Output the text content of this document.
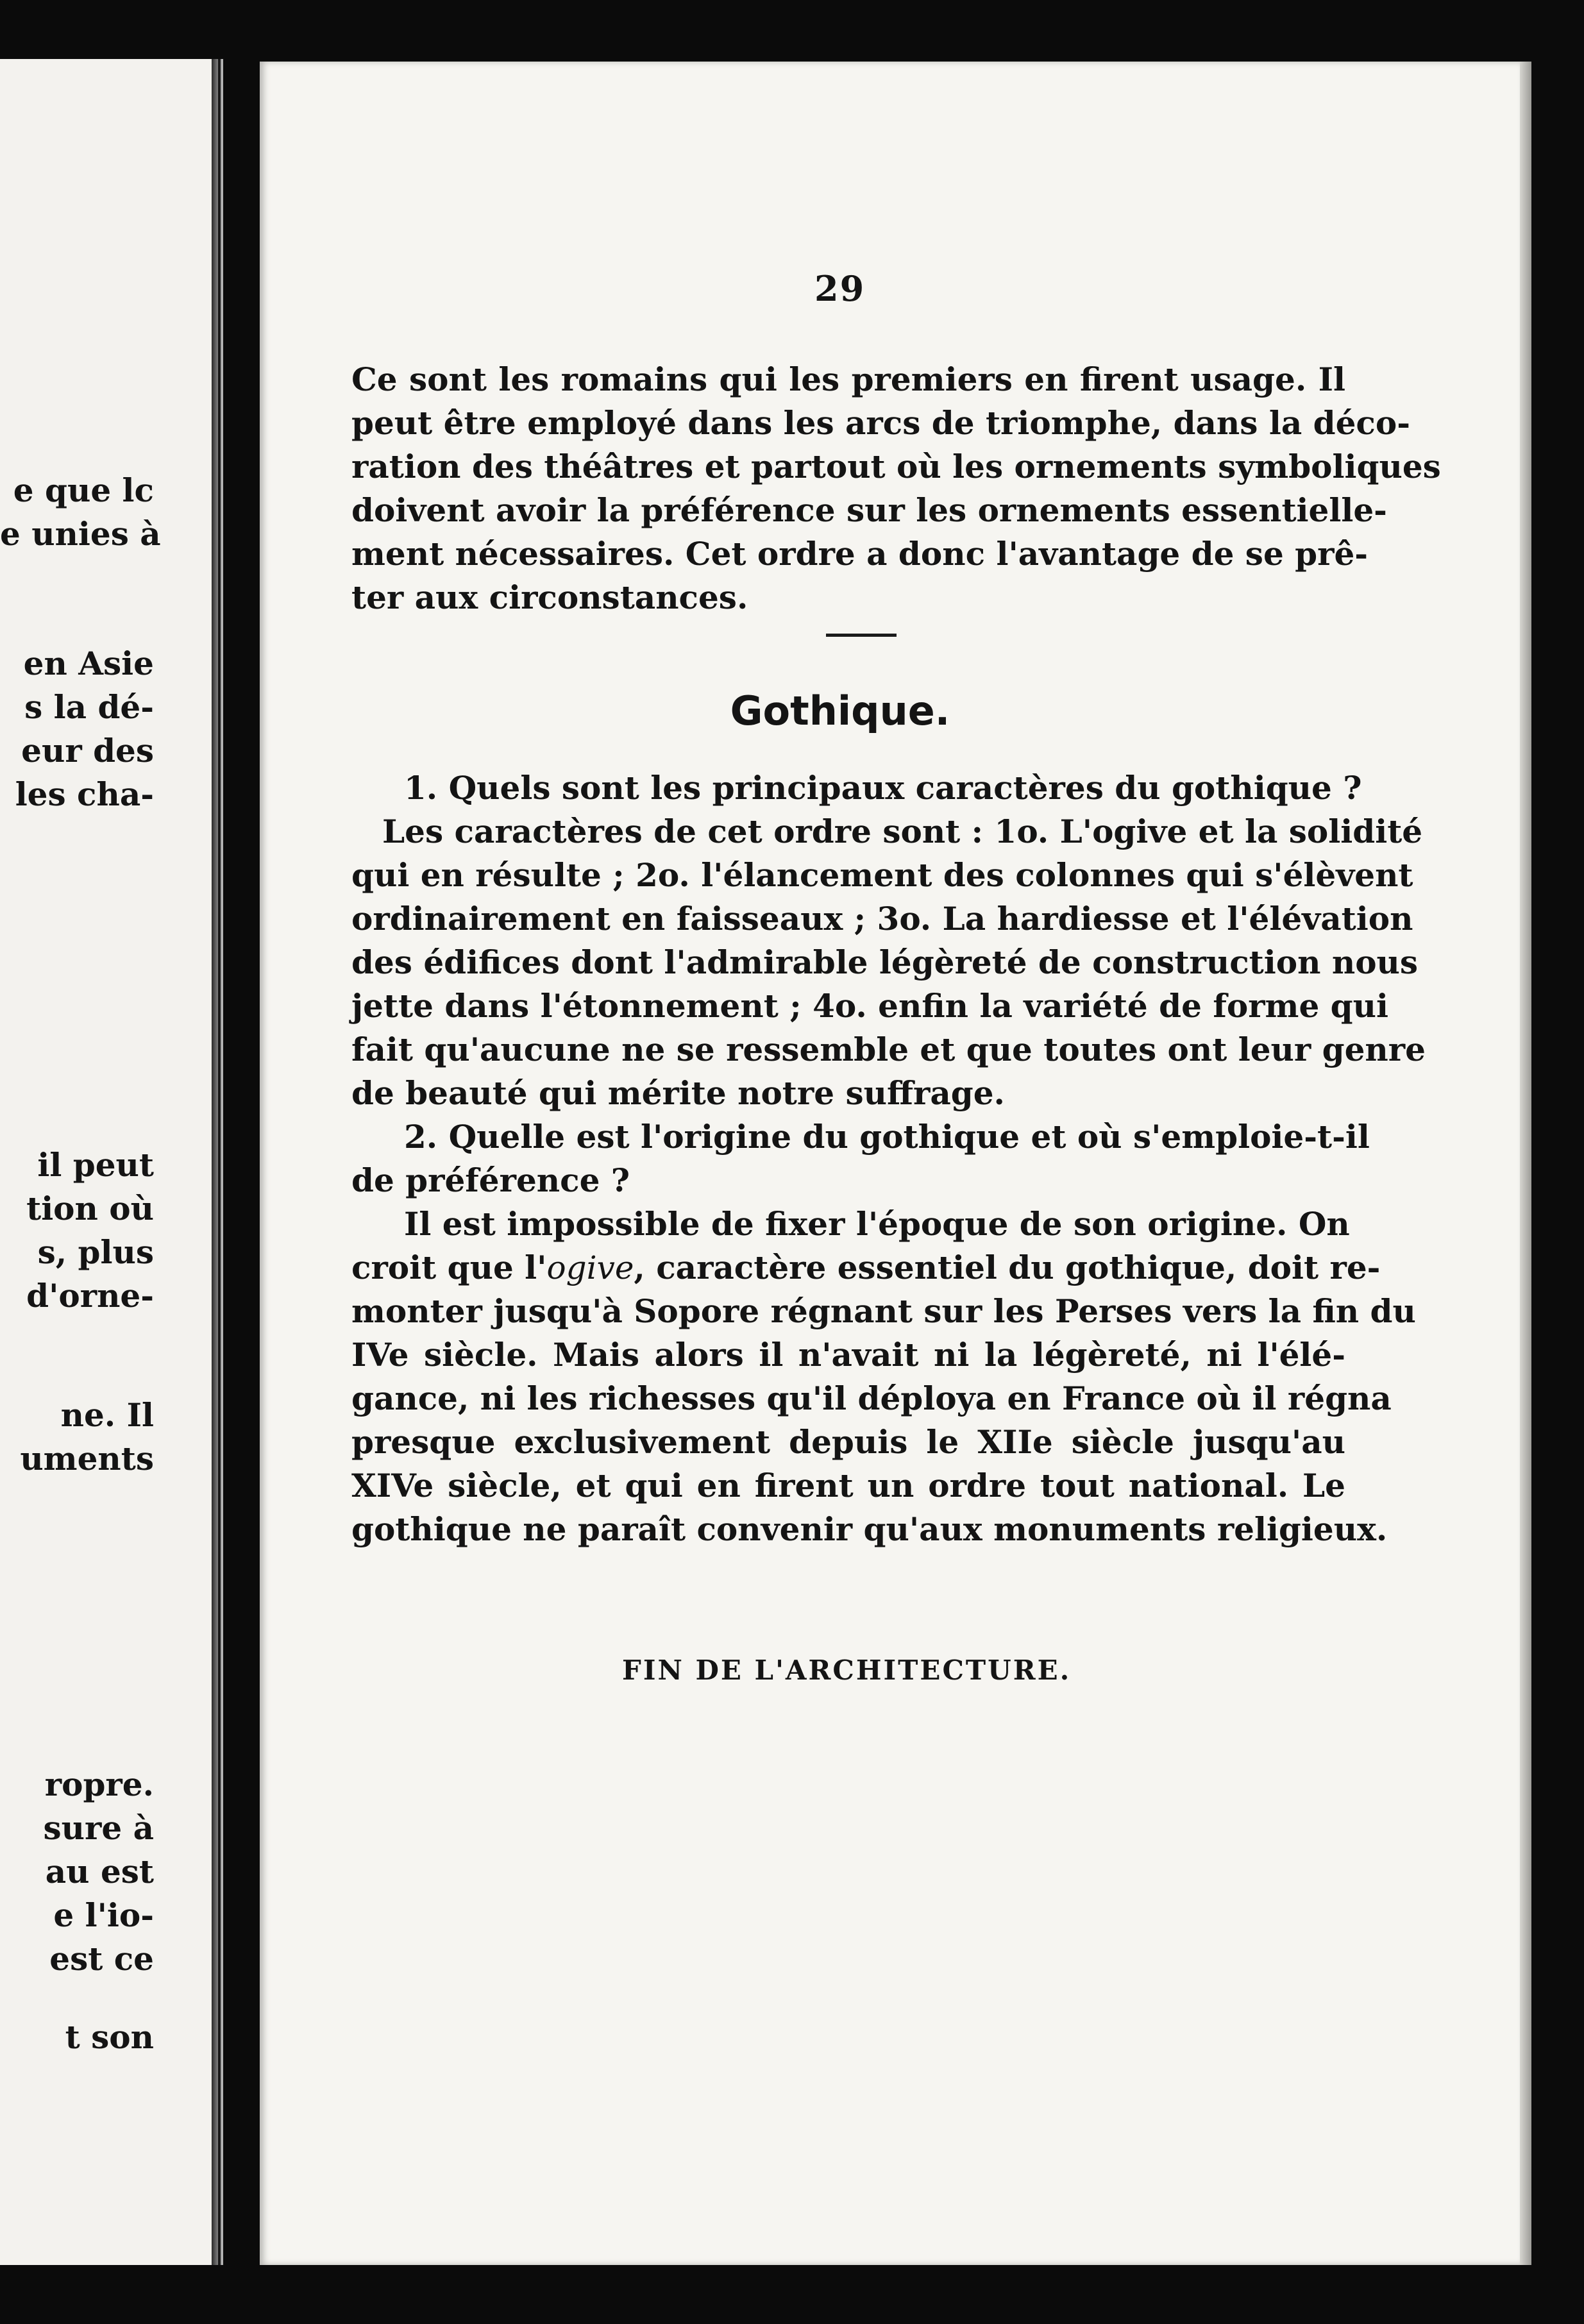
e que lc
e unies à
en Asie
s la dé-
eur des
les cha-
il peut
tion où
s, plus
d'orne-
ne. Il
uments
ropre.
sure à
au est
e l'io-
est ce
t son
29
Ce sont les romains qui les premiers en firent usage. Il
peut être employé dans les arcs de triomphe, dans la déco-
ration des théâtres et partout où les ornements symboliques
doivent avoir la préférence sur les ornements essentielle-
ment nécessaires. Cet ordre a donc l'avantage de se prê-
ter aux circonstances.
Gothique.
1. Quels sont les principaux caractères du gothique ?
Les caractères de cet ordre sont : 1o. L'ogive et la solidité
qui en résulte ; 2o. l'élancement des colonnes qui s'élèvent
ordinairement en faisseaux ; 3o. La hardiesse et l'élévation
des édifices dont l'admirable légèreté de construction nous
jette dans l'étonnement ; 4o. enfin la variété de forme qui
fait qu'aucune ne se ressemble et que toutes ont leur genre
de beauté qui mérite notre suffrage.
2. Quelle est l'origine du gothique et où s'emploie-t-il
de préférence ?
Il est impossible de fixer l'époque de son origine. On
croit que l'ogive, caractère essentiel du gothique, doit re-
monter jusqu'à Sopore régnant sur les Perses vers la fin du
IVe siècle. Mais alors il n'avait ni la légèreté, ni l'élé-
gance, ni les richesses qu'il déploya en France où il régna
presque exclusivement depuis le XIIe siècle jusqu'au
XIVe siècle, et qui en firent un ordre tout national. Le
gothique ne paraît convenir qu'aux monuments religieux.
FIN DE L'ARCHITECTURE.
